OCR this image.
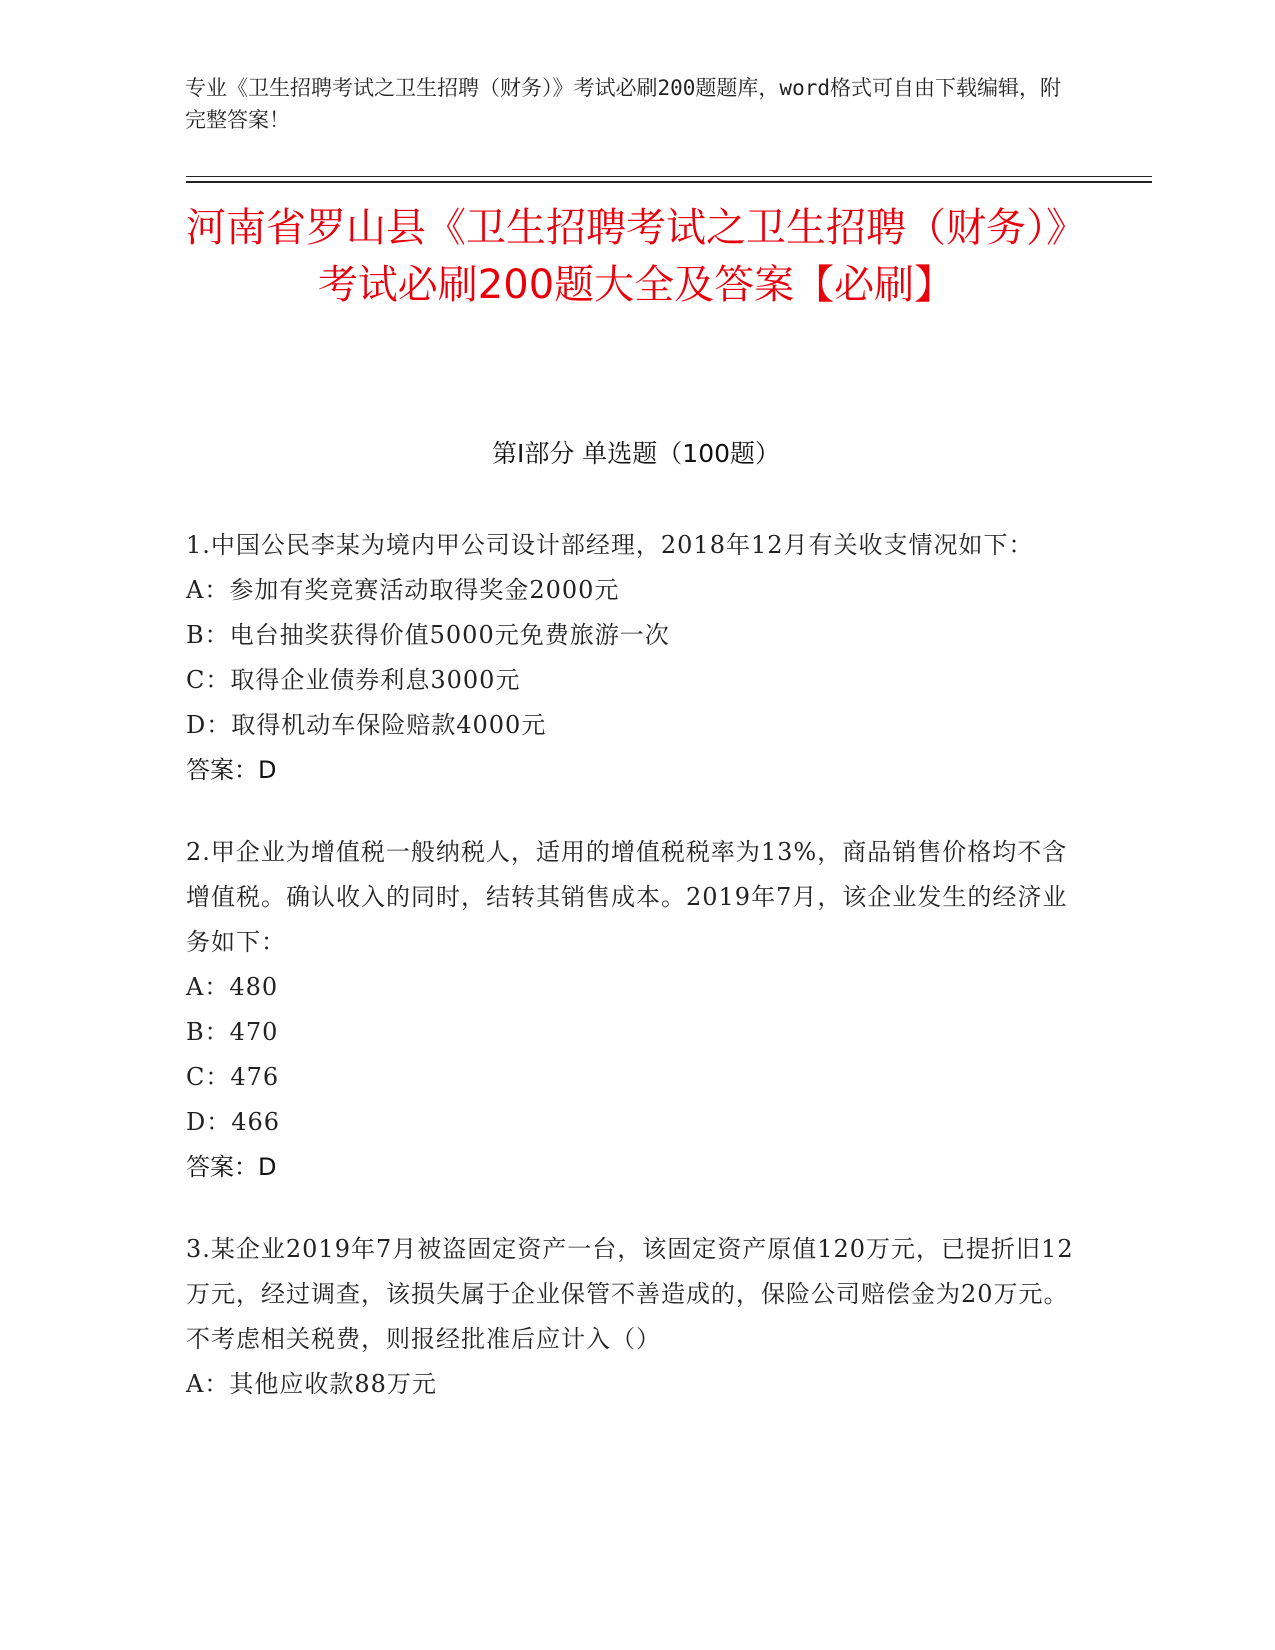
专业《卫生招聘考试之卫生招聘（财务）》考试必刷200题题库，word格式可自由下载编辑，附完整答案！
河南省罗山县《卫生招聘考试之卫生招聘（财务）》考试必刷200题大全及答案【必刷】
第Ⅰ部分 单选题（100题）
1.中国公民李某为境内甲公司设计部经理，2018年12月有关收支情况如下：
A：参加有奖竞赛活动取得奖金2000元
B：电台抽奖获得价值5000元免费旅游一次
C：取得企业债券利息3000元
D：取得机动车保险赔款4000元
答案：D
2.甲企业为增值税一般纳税人，适用的增值税税率为13%，商品销售价格均不含增值税。确认收入的同时，结转其销售成本。2019年7月，该企业发生的经济业务如下：
A：480
B：470
C：476
D：466
答案：D
3.某企业2019年7月被盗固定资产一台，该固定资产原值120万元，已提折旧12万元，经过调查，该损失属于企业保管不善造成的，保险公司赔偿金为20万元。不考虑相关税费，则报经批准后应计入（）
A：其他应收款88万元
